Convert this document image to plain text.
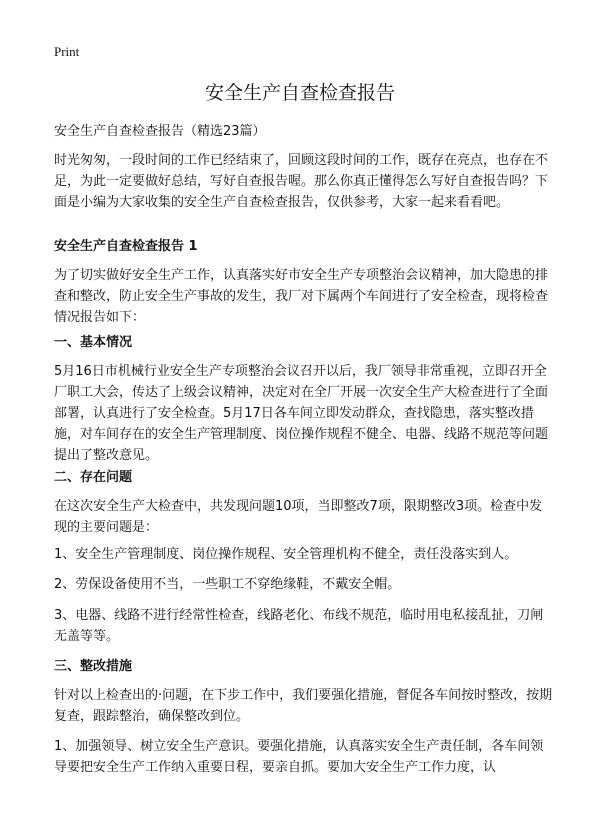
Print
安全生产自查检查报告

安全生产自查检查报告（精选23篇）

时光匆匆，一段时间的工作已经结束了，回顾这段时间的工作，既存在亮点，也存在不足，为此一定要做好总结，写好自查报告喔。那么你真正懂得怎么写好自查报告吗？下面是小编为大家收集的安全生产自查检查报告，仅供参考，大家一起来看看吧。

安全生产自查检查报告 1

为了切实做好安全生产工作，认真落实好市安全生产专项整治会议精神，加大隐患的排查和整改，防止安全生产事故的发生，我厂对下属两个车间进行了安全检查，现将检查情况报告如下：

一、基本情况

5月16日市机械行业安全生产专项整治会议召开以后，我厂领导非常重视，立即召开全厂职工大会，传达了上级会议精神，决定对在全厂开展一次安全生产大检查进行了全面部署，认真进行了安全检查。5月17日各车间立即发动群众，查找隐患，落实整改措施，对车间存在的安全生产管理制度、岗位操作规程不健全、电器、线路不规范等问题提出了整改意见。

二、存在问题

在这次安全生产大检查中，共发现问题10项，当即整改7项，限期整改3项。检查中发现的主要问题是：

1、安全生产管理制度、岗位操作规程、安全管理机构不健全，责任没落实到人。

2、劳保设备使用不当，一些职工不穿绝缘鞋，不戴安全帽。

3、电器、线路不进行经常性检查，线路老化、布线不规范，临时用电私接乱扯，刀闸无盖等等。

三、整改措施

针对以上检查出的·问题，在下步工作中，我们要强化措施，督促各车间按时整改，按期复查，跟踪整治，确保整改到位。

1、加强领导、树立安全生产意识。要强化措施，认真落实安全生产责任制，各车间领导要把安全生产工作纳入重要日程，要亲自抓。要加大安全生产工作力度，认
